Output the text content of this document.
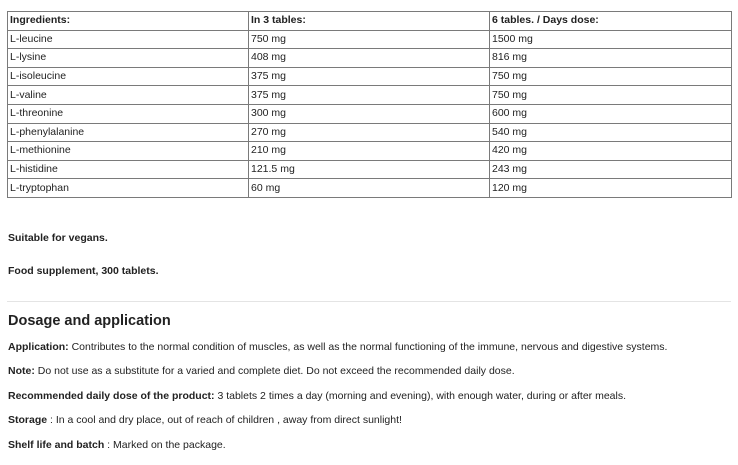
Ingredients:	In 3 tables:	6 tables. / Days dose:
L-leucine	750 mg	1500 mg
L-lysine	408 mg	816 mg
L-isoleucine	375 mg	750 mg
L-valine	375 mg	750 mg
L-threonine	300 mg	600 mg
L-phenylalanine	270 mg	540 mg
L-methionine	210 mg	420 mg
L-histidine	121.5 mg	243 mg
L-tryptophan	60 mg	120 mg

Suitable for vegans.

Food supplement, 300 tablets.

Dosage and application

Application: Contributes to the normal condition of muscles, as well as the normal functioning of the immune, nervous and digestive systems.

Note: Do not use as a substitute for a varied and complete diet. Do not exceed the recommended daily dose.

Recommended daily dose of the product: 3 tablets 2 times a day (morning and evening), with enough water, during or after meals.

Storage : In a cool and dry place, out of reach of children , away from direct sunlight!

Shelf life and batch : Marked on the package.
